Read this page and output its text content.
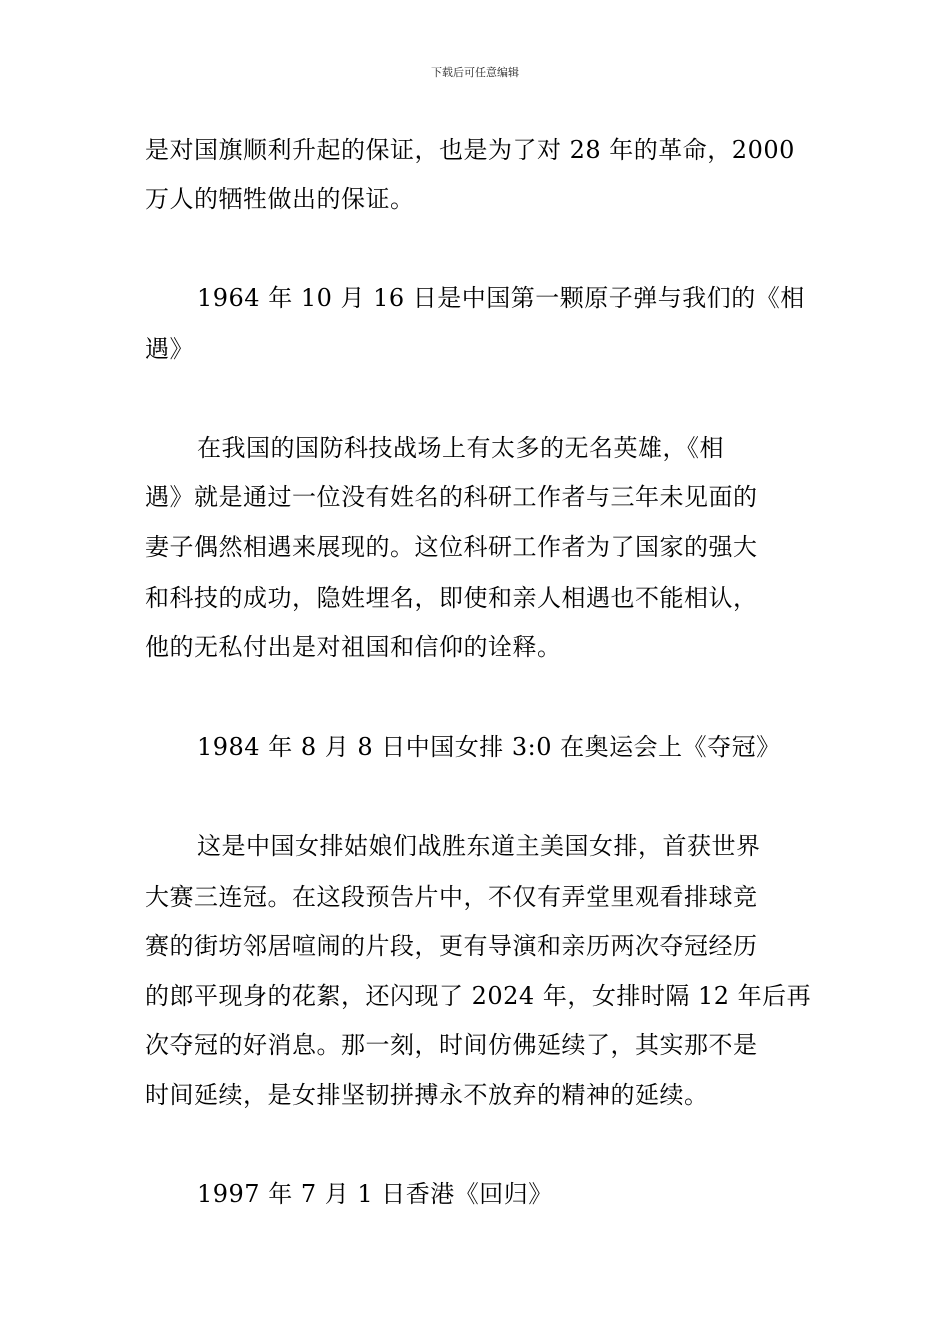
下载后可任意编辑
是对国旗顺利升起的保证，也是为了对 28 年的革命，2000
万人的牺牲做出的保证。
1964 年 10 月 16 日是中国第一颗原子弹与我们的《相
遇》
在我国的国防科技战场上有太多的无名英雄，《相
遇》就是通过一位没有姓名的科研工作者与三年未见面的
妻子偶然相遇来展现的。这位科研工作者为了国家的强大
和科技的成功，隐姓埋名，即使和亲人相遇也不能相认，
他的无私付出是对祖国和信仰的诠释。
1984 年 8 月 8 日中国女排 3:0 在奥运会上《夺冠》
这是中国女排姑娘们战胜东道主美国女排，首获世界
大赛三连冠。在这段预告片中，不仅有弄堂里观看排球竞
赛的街坊邻居喧闹的片段，更有导演和亲历两次夺冠经历
的郎平现身的花絮，还闪现了 2024 年，女排时隔 12 年后再
次夺冠的好消息。那一刻，时间仿佛延续了，其实那不是
时间延续，是女排坚韧拼搏永不放弃的精神的延续。
1997 年 7 月 1 日香港《回归》
